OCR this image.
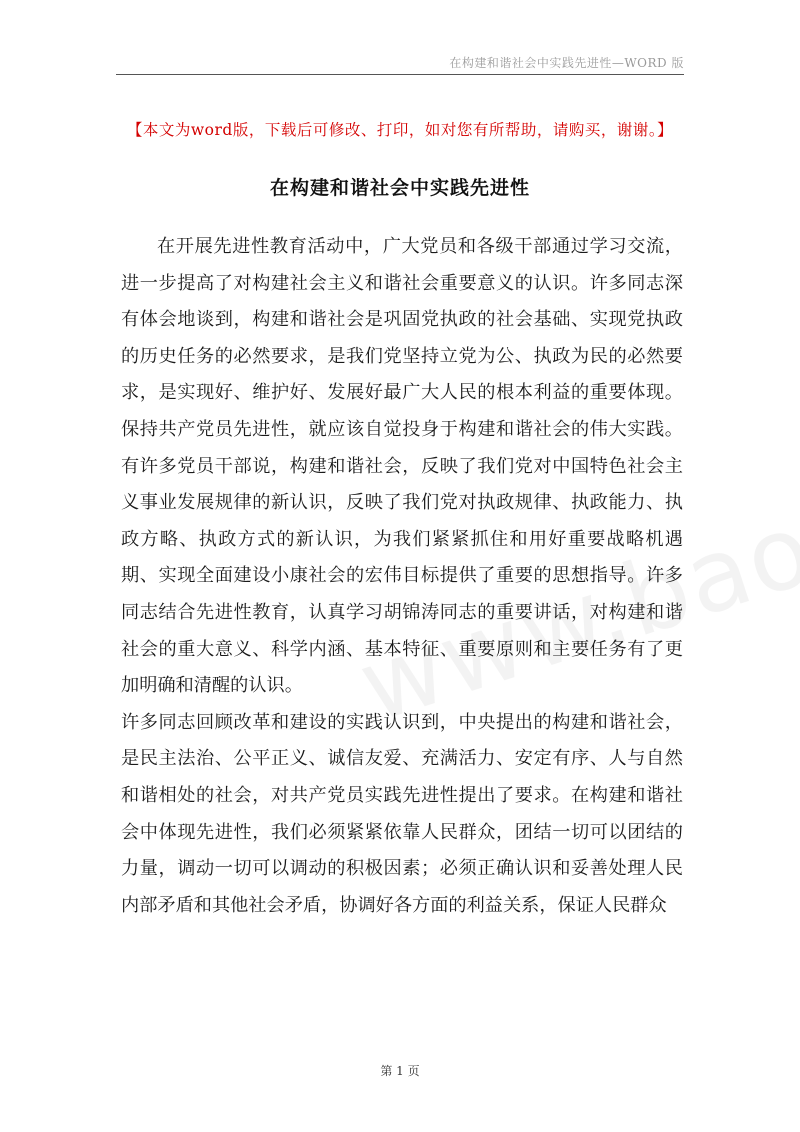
在构建和谐社会中实践先进性—WORD 版
【本文为word版，下载后可修改、打印，如对您有所帮助，请购买，谢谢。】
在构建和谐社会中实践先进性

在开展先进性教育活动中，广大党员和各级干部通过学习交流，进一步提高了对构建社会主义和谐社会重要意义的认识。许多同志深有体会地谈到，构建和谐社会是巩固党执政的社会基础、实现党执政的历史任务的必然要求，是我们党坚持立党为公、执政为民的必然要求，是实现好、维护好、发展好最广大人民的根本利益的重要体现。保持共产党员先进性，就应该自觉投身于构建和谐社会的伟大实践。有许多党员干部说，构建和谐社会，反映了我们党对中国特色社会主义事业发展规律的新认识，反映了我们党对执政规律、执政能力、执政方略、执政方式的新认识，为我们紧紧抓住和用好重要战略机遇期、实现全面建设小康社会的宏伟目标提供了重要的思想指导。许多同志结合先进性教育，认真学习胡锦涛同志的重要讲话，对构建和谐社会的重大意义、科学内涵、基本特征、重要原则和主要任务有了更加明确和清醒的认识。

许多同志回顾改革和建设的实践认识到，中央提出的构建和谐社会，是民主法治、公平正义、诚信友爱、充满活力、安定有序、人与自然和谐相处的社会，对共产党员实践先进性提出了要求。在构建和谐社会中体现先进性，我们必须紧紧依靠人民群众，团结一切可以团结的力量，调动一切可以调动的积极因素；必须正确认识和妥善处理人民内部矛盾和其他社会矛盾，协调好各方面的利益关系，保证人民群众

第 1 页
